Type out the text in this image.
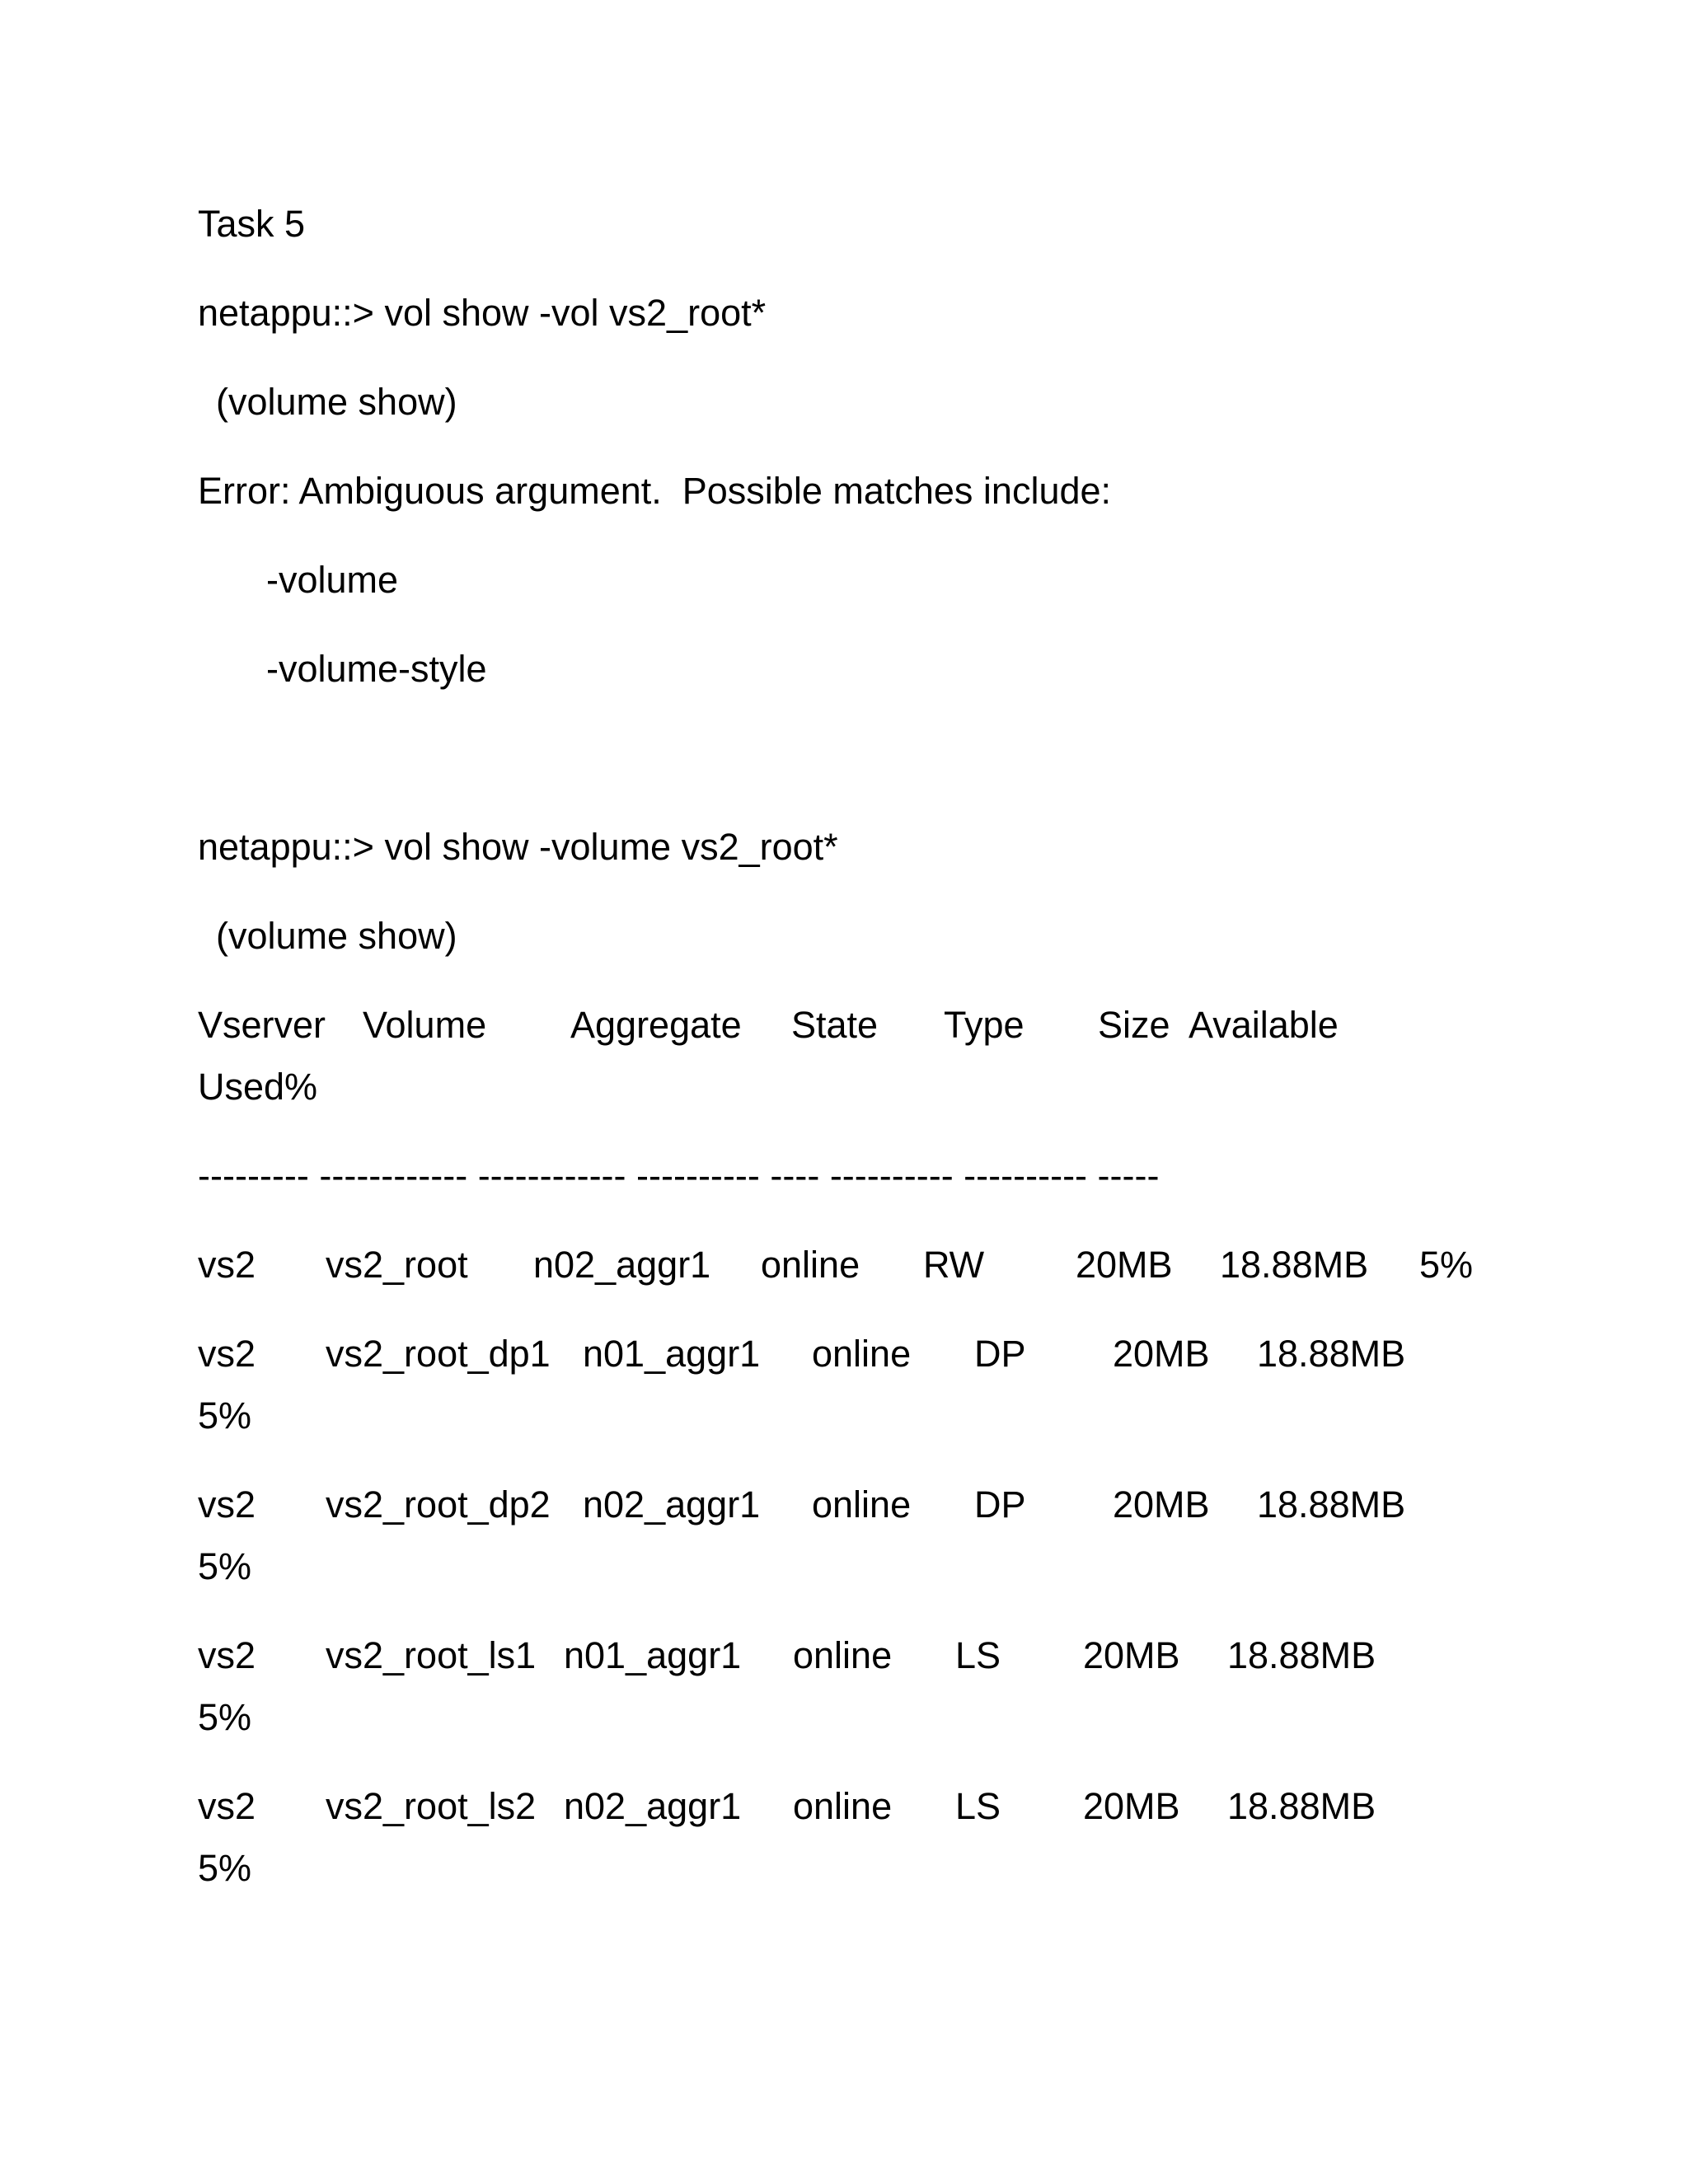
Task 5
netappu::> vol show -vol vs2_root*
(volume show)
Error: Ambiguous argument.  Possible matches include:
-volume
-volume-style
netappu::> vol show -volume vs2_root*
(volume show)
Vserver Volume Aggregate State Type Size Available
Used%
--------- ------------ ------------ ---------- ---- ---------- ---------- -----
vs2 vs2_root n02_aggr1 online RW 20MB 18.88MB 5%
vs2 vs2_root_dp1 n01_aggr1 online DP 20MB 18.88MB
5%
vs2 vs2_root_dp2 n02_aggr1 online DP 20MB 18.88MB
5%
vs2 vs2_root_ls1 n01_aggr1 online LS 20MB 18.88MB
5%
vs2 vs2_root_ls2 n02_aggr1 online LS 20MB 18.88MB
5%
